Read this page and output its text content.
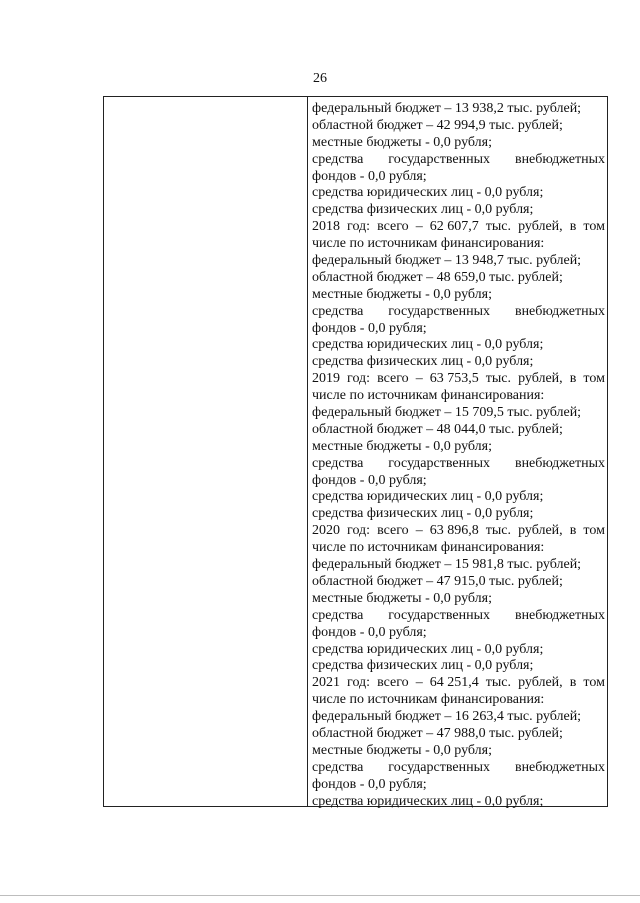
26
федеральный бюджет – 13 938,2 тыс. рублей;
областной бюджет – 42 994,9 тыс. рублей;
местные бюджеты - 0,0 рубля;
средства государственных внебюджетных
фондов - 0,0 рубля;
средства юридических лиц - 0,0 рубля;
средства физических лиц - 0,0 рубля;
2018 год: всего – 62 607,7 тыс. рублей, в том
числе по источникам финансирования:
федеральный бюджет – 13 948,7 тыс. рублей;
областной бюджет – 48 659,0 тыс. рублей;
местные бюджеты - 0,0 рубля;
средства государственных внебюджетных
фондов - 0,0 рубля;
средства юридических лиц - 0,0 рубля;
средства физических лиц - 0,0 рубля;
2019 год: всего – 63 753,5 тыс. рублей, в том
числе по источникам финансирования:
федеральный бюджет – 15 709,5 тыс. рублей;
областной бюджет – 48 044,0 тыс. рублей;
местные бюджеты - 0,0 рубля;
средства государственных внебюджетных
фондов - 0,0 рубля;
средства юридических лиц - 0,0 рубля;
средства физических лиц - 0,0 рубля;
2020 год: всего – 63 896,8 тыс. рублей, в том
числе по источникам финансирования:
федеральный бюджет – 15 981,8 тыс. рублей;
областной бюджет – 47 915,0 тыс. рублей;
местные бюджеты - 0,0 рубля;
средства государственных внебюджетных
фондов - 0,0 рубля;
средства юридических лиц - 0,0 рубля;
средства физических лиц - 0,0 рубля;
2021 год: всего – 64 251,4 тыс. рублей, в том
числе по источникам финансирования:
федеральный бюджет – 16 263,4 тыс. рублей;
областной бюджет – 47 988,0 тыс. рублей;
местные бюджеты - 0,0 рубля;
средства государственных внебюджетных
фондов - 0,0 рубля;
средства юридических лиц - 0,0 рубля;
